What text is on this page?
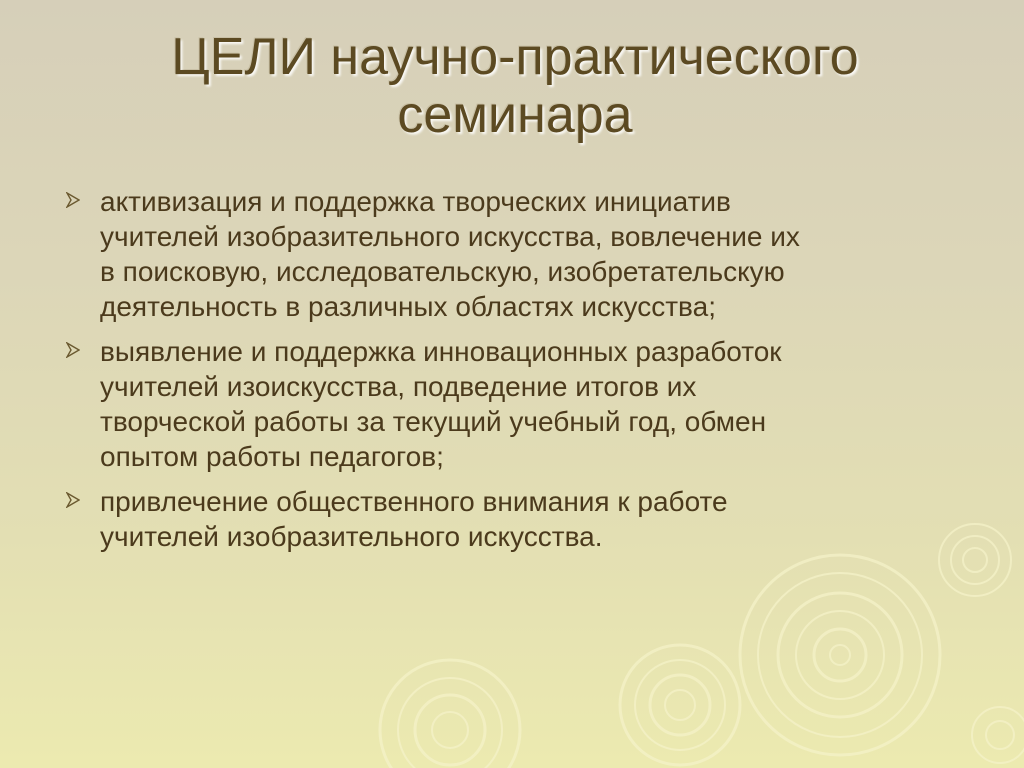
ЦЕЛИ научно-практического
семинара
активизация и поддержка творческих инициатив
учителей изобразительного искусства, вовлечение их
в поисковую, исследовательскую, изобретательскую
деятельность в различных областях искусства;
выявление и поддержка инновационных разработок
учителей изоискусства, подведение итогов их
творческой работы за текущий учебный год, обмен
опытом работы педагогов;
привлечение общественного внимания к работе
учителей изобразительного искусства.
